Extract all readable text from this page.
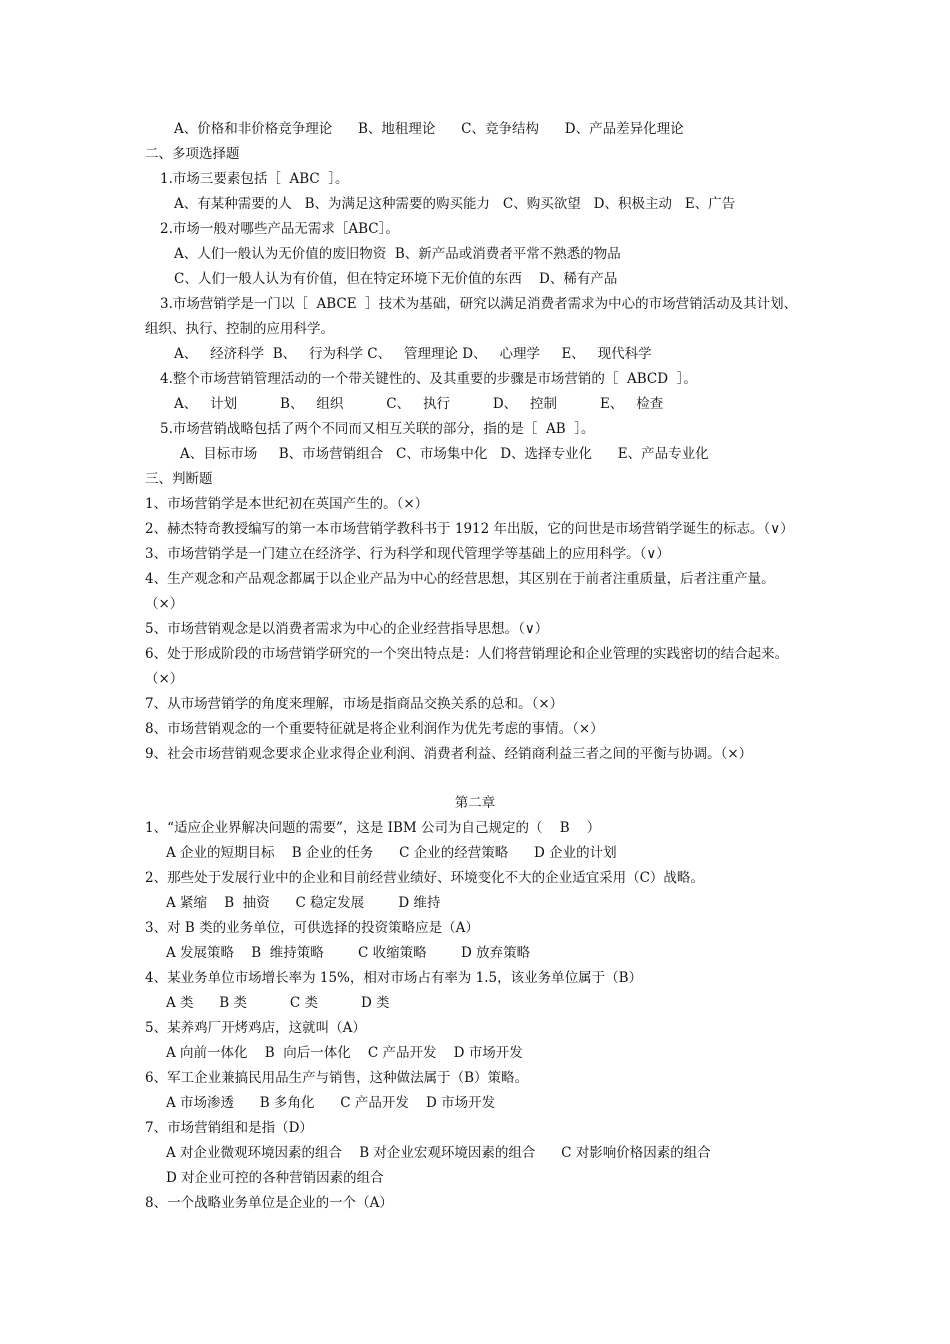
A、价格和非价格竞争理论      B、地租理论      C、竞争结构      D、产品差异化理论
二、多项选择题
1.市场三要素包括［  ABC  ］。
A、有某种需要的人   B、为满足这种需要的购买能力   C、购买欲望   D、积极主动   E、广告
2.市场一般对哪些产品无需求［ABC］。
A、人们一般认为无价值的废旧物资  B、新产品或消费者平常不熟悉的物品
C、人们一般人认为有价值，但在特定环境下无价值的东西    D、稀有产品
3.市场营销学是一门以［  ABCE  ］技术为基础，研究以满足消费者需求为中心的市场营销活动及其计划、
组织、执行、控制的应用科学。
A、   经济科学  B、   行为科学 C、   管理理论 D、   心理学     E、   现代科学
4.整个市场营销管理活动的一个带关键性的、及其重要的步骤是市场营销的［  ABCD  ］。
A、   计划          B、   组织          C、   执行          D、   控制          E、   检查
5.市场营销战略包括了两个不同而又相互关联的部分，指的是［  AB  ］。
A、目标市场     B、市场营销组合   C、市场集中化   D、选择专业化      E、产品专业化
三、判断题
1、市场营销学是本世纪初在英国产生的。（×）
2、赫杰特奇教授编写的第一本市场营销学教科书于 1912 年出版，它的问世是市场营销学诞生的标志。（∨）
3、市场营销学是一门建立在经济学、行为科学和现代管理学等基础上的应用科学。（∨）
4、生产观念和产品观念都属于以企业产品为中心的经营思想，其区别在于前者注重质量，后者注重产量。
（×）
5、市场营销观念是以消费者需求为中心的企业经营指导思想。（∨）
6、处于形成阶段的市场营销学研究的一个突出特点是：人们将营销理论和企业管理的实践密切的结合起来。
（×）
7、从市场营销学的角度来理解，市场是指商品交换关系的总和。（×）
8、市场营销观念的一个重要特征就是将企业利润作为优先考虑的事情。（×）
9、社会市场营销观念要求企业求得企业利润、消费者利益、经销商利益三者之间的平衡与协调。（×）
第二章
1、“适应企业界解决问题的需要”，这是 IBM 公司为自己规定的（    B    ）
A 企业的短期目标    B 企业的任务      C 企业的经营策略      D 企业的计划
2、那些处于发展行业中的企业和目前经营业绩好、环境变化不大的企业适宜采用（C）战略。
A 紧缩    B  抽资      C 稳定发展        D 维持
3、对 B 类的业务单位，可供选择的投资策略应是（A）
A 发展策略    B  维持策略        C 收缩策略        D 放弃策略
4、某业务单位市场增长率为 15%，相对市场占有率为 1.5，该业务单位属于（B）
A 类      B 类          C 类          D 类
5、某养鸡厂开烤鸡店，这就叫（A）
A 向前一体化    B  向后一体化    C 产品开发    D 市场开发
6、军工企业兼搞民用品生产与销售，这种做法属于（B）策略。
A 市场渗透      B 多角化      C 产品开发    D 市场开发
7、市场营销组和是指（D）
A 对企业微观环境因素的组合    B 对企业宏观环境因素的组合      C 对影响价格因素的组合
D 对企业可控的各种营销因素的组合
8、一个战略业务单位是企业的一个（A）
